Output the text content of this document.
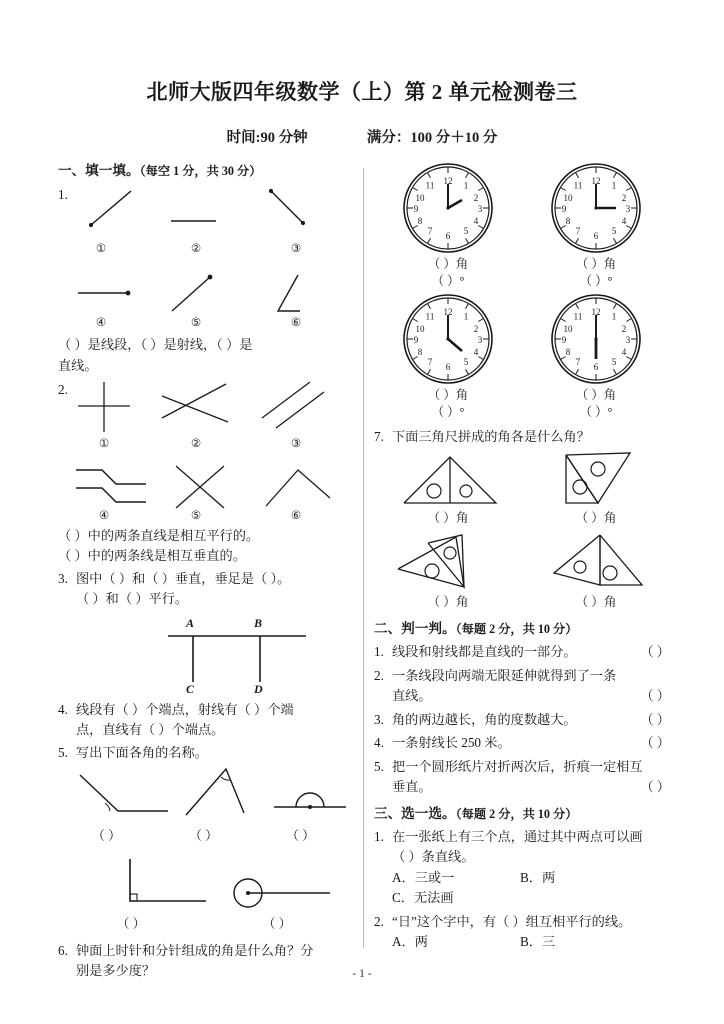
北师大版四年级数学（上）第 2 单元检测卷三
时间:90 分钟	满分：100 分＋10 分
一、填一填。（每空 1 分，共 30 分）
1.
①	②	③
④	⑤	⑥
（ ）是线段，（ ）是射线，（ ）是
直线。
2.
①	②	③
④	⑤	⑥
（ ）中的两条直线是相互平行的。
（ ）中的两条线是相互垂直的。
3. 图中（ ）和（ ）垂直，垂足是（ ）。
（ ）和（ ）平行。
A	B
C	D
4. 线段有（ ）个端点，射线有（ ）个端
点，直线有（ ）个端点。
5. 写出下面各角的名称。
（ ）	（ ）	（ ）
（ ）	（ ）
6. 钟面上时针和分针组成的角是什么角？分
别是多少度？
12 1
2
3
4
5
6
7
8
9
10
11
（ ）角
（ ）°
12 1
2
3
4
5
6
7
8
9
10
11
（ ）角
（ ）°
12 1
2
3
4
5
6
7
8
9
10
11
（ ）角
（ ）°
12 1
2
3
4
5
6
7
8
9
10
11
（ ）角
（ ）°
7. 下面三角尺拼成的角各是什么角？
（ ）角	（ ）角
（ ）角	（ ）角
二、判一判。（每题 2 分，共 10 分）
1. 线段和射线都是直线的一部分。	（ ）
2. 一条线段向两端无限延伸就得到了一条
直线。	（ ）
3. 角的两边越长，角的度数越大。	（ ）
4. 一条射线长 250 米。	（ ）
5. 把一个圆形纸片对折两次后，折痕一定相互
垂直。	（ ）
三、选一选。（每题 2 分，共 10 分）
1. 在一张纸上有三个点，通过其中两点可以画
（ ）条直线。
A．三或一	B．两
C．无法画
2. “日”这个字中，有（ ）组互相平行的线。
A．两	B．三
- 1 -
